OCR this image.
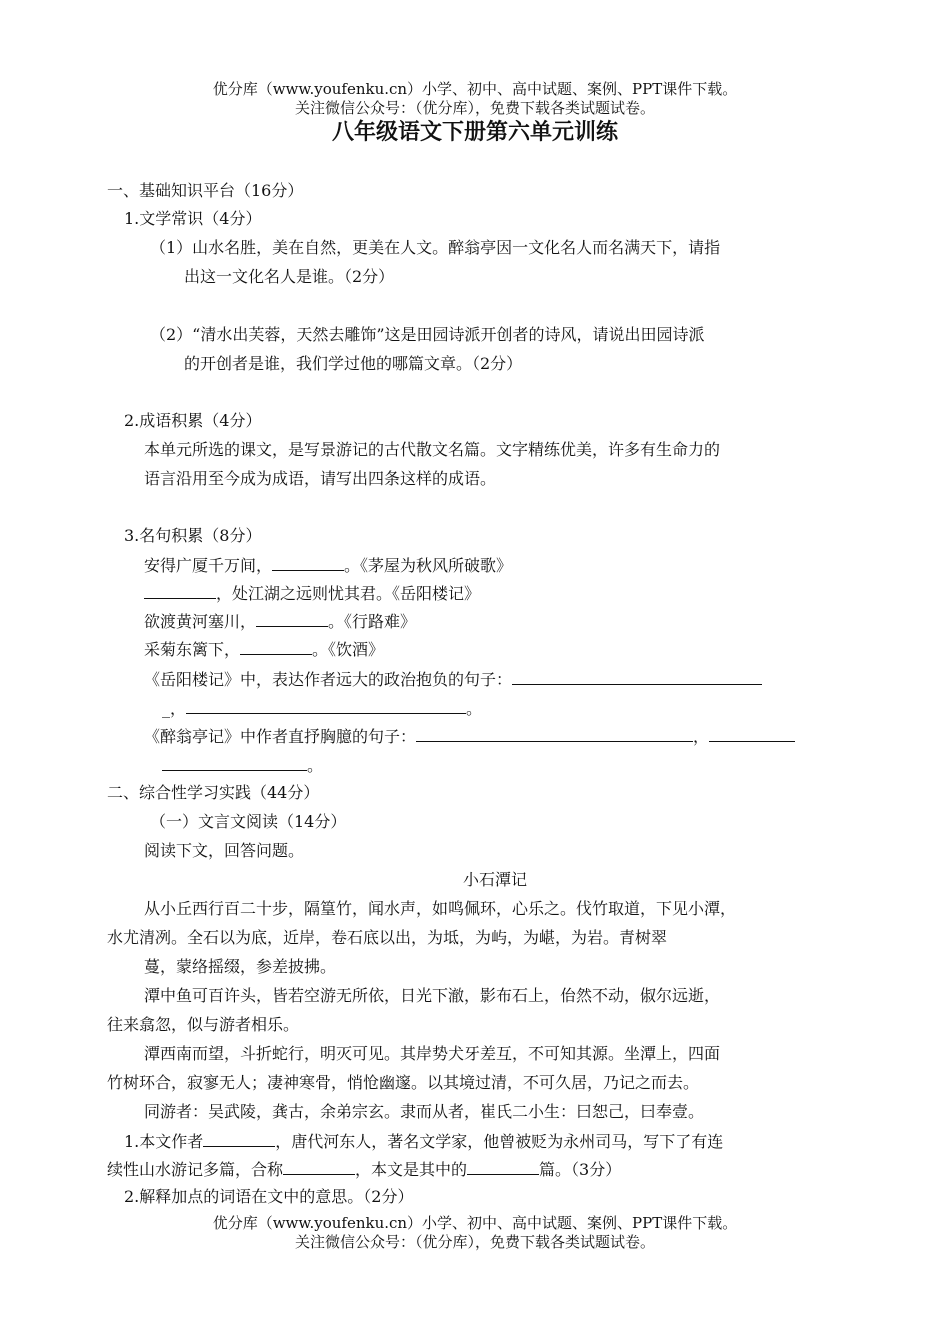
优分库（www.youfenku.cn）小学、初中、高中试题、案例、PPT课件下载。
关注微信公众号：（优分库），免费下载各类试题试卷。
八年级语文下册第六单元训练
一、基础知识平台（16分）
1.文学常识（4分）
（1）山水名胜，美在自然，更美在人文。醉翁亭因一文化名人而名满天下，请指
出这一文化名人是谁。（2分）
（2）“清水出芙蓉，天然去雕饰”这是田园诗派开创者的诗风，请说出田园诗派
的开创者是谁，我们学过他的哪篇文章。（2分）
2.成语积累（4分）
本单元所选的课文，是写景游记的古代散文名篇。文字精练优美，许多有生命力的
语言沿用至今成为成语，请写出四条这样的成语。
3.名句积累（8分）
安得广厦千万间，	。《茅屋为秋风所破歌》
，处江湖之远则忧其君。《岳阳楼记》
欲渡黄河塞川，	。《行路难》
采菊东篱下，	。《饮酒》
《岳阳楼记》中，表达作者远大的政治抱负的句子：
_，	。
《醉翁亭记》中作者直抒胸臆的句子：	，
。
二、综合性学习实践（44分）
（一）文言文阅读（14分）
阅读下文，回答问题。
小石潭记
从小丘西行百二十步，隔篁竹，闻水声，如鸣佩环，心乐之。伐竹取道，下见小潭，
水尤清冽。全石以为底，近岸，卷石底以出，为坻，为屿，为嵁，为岩。青树翠
蔓，蒙络摇缀，参差披拂。
潭中鱼可百许头，皆若空游无所依，日光下澈，影布石上，佁然不动，俶尔远逝，
往来翕忽，似与游者相乐。
潭西南而望，斗折蛇行，明灭可见。其岸势犬牙差互，不可知其源。坐潭上，四面
竹树环合，寂寥无人；凄神寒骨，悄怆幽邃。以其境过清，不可久居，乃记之而去。
同游者：吴武陵，龚古，余弟宗玄。隶而从者，崔氏二小生：曰恕己，曰奉壹。
1.本文作者	，唐代河东人，著名文学家，他曾被贬为永州司马，写下了有连
续性山水游记多篇，合称	，本文是其中的	篇。（3分）
2.解释加点的词语在文中的意思。（2分）
优分库（www.youfenku.cn）小学、初中、高中试题、案例、PPT课件下载。
关注微信公众号：（优分库），免费下载各类试题试卷。
